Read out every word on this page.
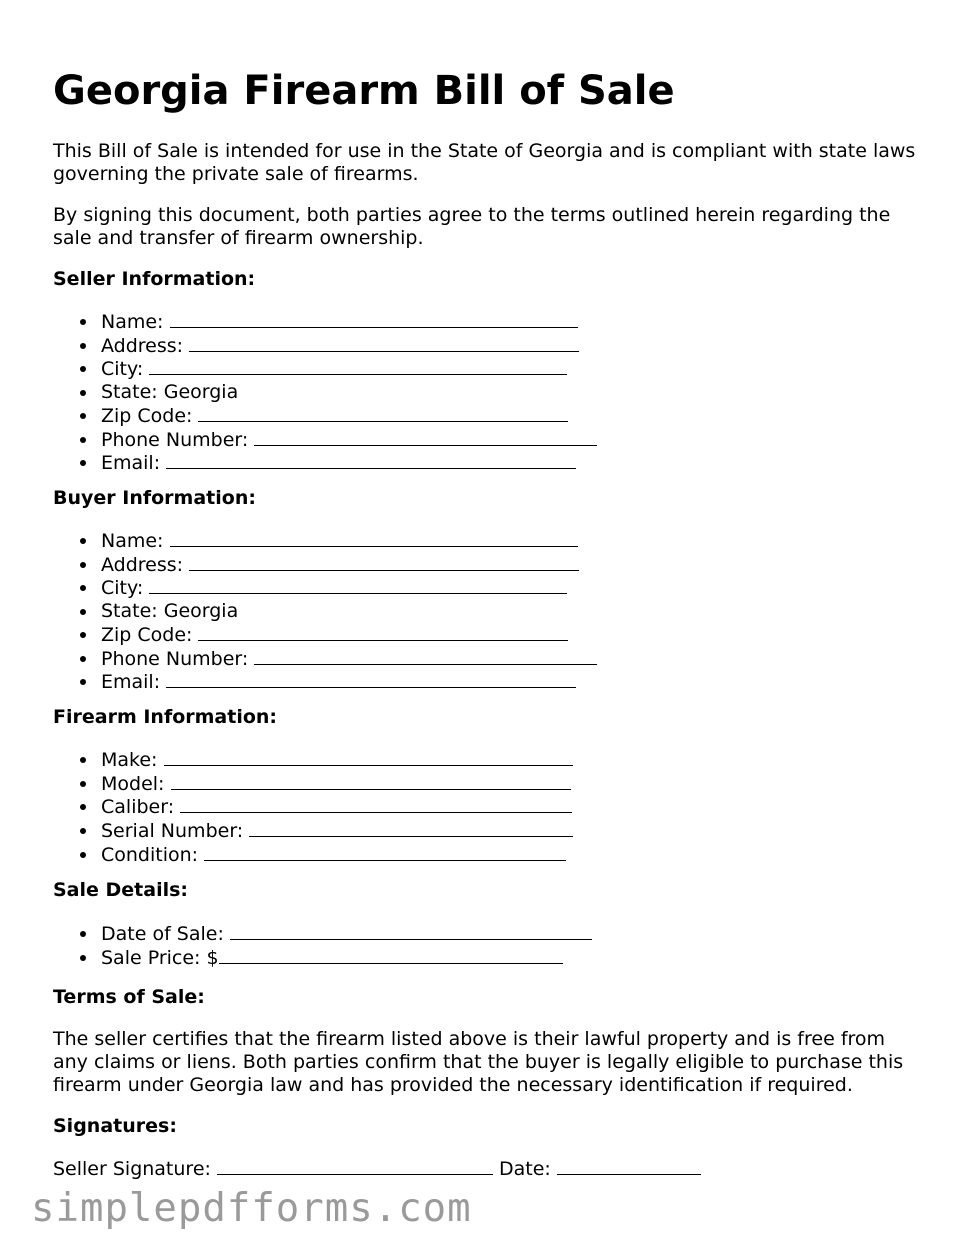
Georgia Firearm Bill of Sale

This Bill of Sale is intended for use in the State of Georgia and is compliant with state laws governing the private sale of firearms.

By signing this document, both parties agree to the terms outlined herein regarding the sale and transfer of firearm ownership.

Seller Information:
Name:
Address:
City:
State: Georgia
Zip Code:
Phone Number:
Email:
Buyer Information:
Name:
Address:
City:
State: Georgia
Zip Code:
Phone Number:
Email:
Firearm Information:
Make:
Model:
Caliber:
Serial Number:
Condition:
Sale Details:
Date of Sale:
Sale Price: $
Terms of Sale:

The seller certifies that the firearm listed above is their lawful property and is free from any claims or liens. Both parties confirm that the buyer is legally eligible to purchase this firearm under Georgia law and has provided the necessary identification if required.

Signatures:
Seller Signature:	Date:
simplepdfforms.com
